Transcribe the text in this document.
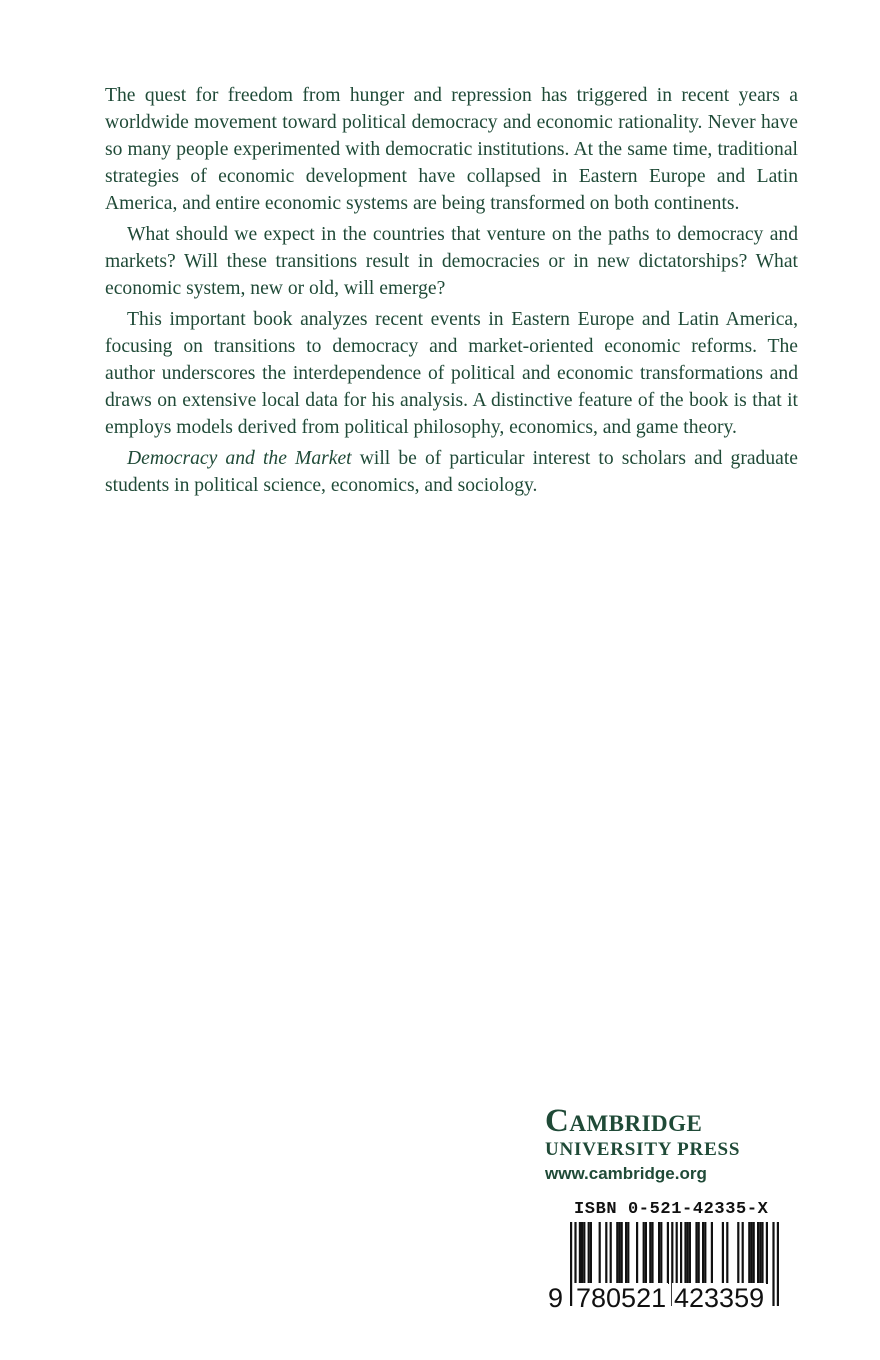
The quest for freedom from hunger and repression has triggered in recent years a worldwide movement toward political democracy and economic rationality. Never have so many people experimented with democratic institutions. At the same time, traditional strategies of economic development have collapsed in Eastern Europe and Latin America, and entire economic systems are being transformed on both continents.

What should we expect in the countries that venture on the paths to democracy and markets? Will these transitions result in democracies or in new dictatorships? What economic system, new or old, will emerge?

This important book analyzes recent events in Eastern Europe and Latin America, focusing on transitions to democracy and market-oriented economic reforms. The author underscores the interdependence of political and economic transformations and draws on extensive local data for his analysis. A distinctive feature of the book is that it employs models derived from political philosophy, economics, and game theory.

Democracy and the Market will be of particular interest to scholars and graduate students in political science, economics, and sociology.

Cambridge
UNIVERSITY PRESS
www.cambridge.org
ISBN 0-521-42335-X
9 780521 423359
